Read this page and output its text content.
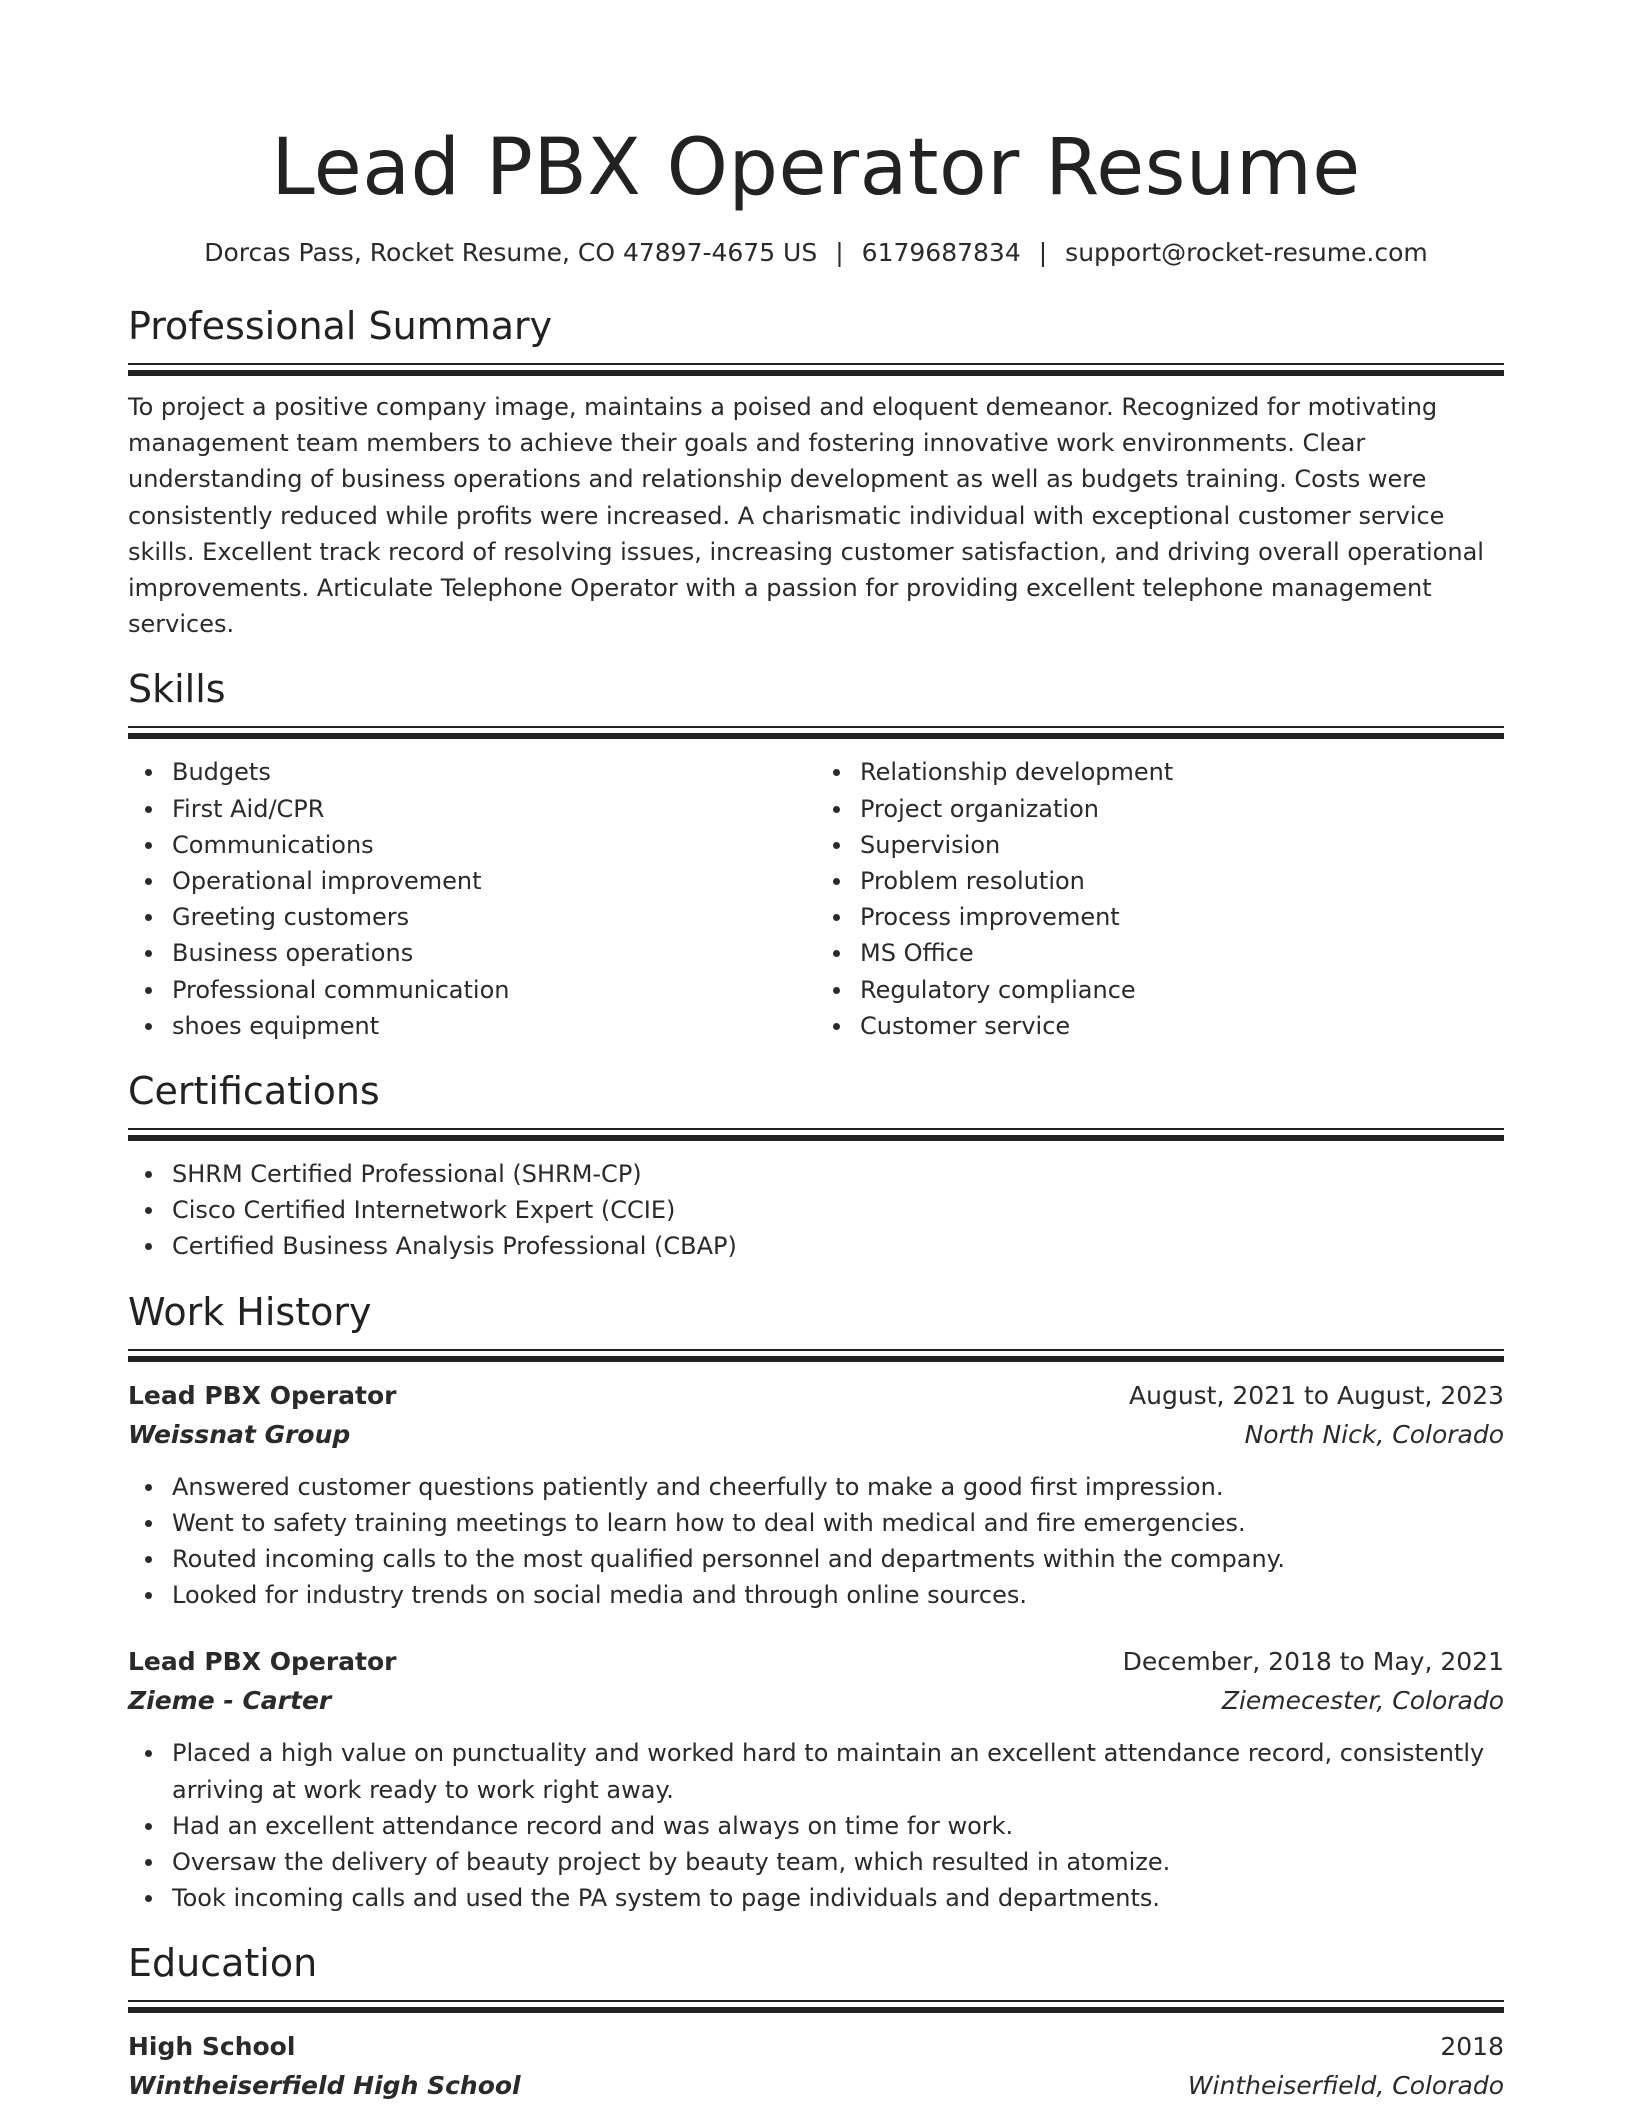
Lead PBX Operator Resume
Dorcas Pass, Rocket Resume, CO 47897-4675 US | 6179687834 | support@rocket-resume.com
Professional Summary

To project a positive company image, maintains a poised and eloquent demeanor. Recognized for motivating management team members to achieve their goals and fostering innovative work environments. Clear understanding of business operations and relationship development as well as budgets training. Costs were consistently reduced while profits were increased. A charismatic individual with exceptional customer service skills. Excellent track record of resolving issues, increasing customer satisfaction, and driving overall operational improvements. Articulate Telephone Operator with a passion for providing excellent telephone management services.

Skills
Budgets
First Aid/CPR
Communications
Operational improvement
Greeting customers
Business operations
Professional communication
shoes equipment
Relationship development
Project organization
Supervision
Problem resolution
Process improvement
MS Office
Regulatory compliance
Customer service
Certifications
SHRM Certified Professional (SHRM-CP)
Cisco Certified Internetwork Expert (CCIE)
Certified Business Analysis Professional (CBAP)
Work History
Lead PBX Operator	August, 2021 to August, 2023
Weissnat Group	North Nick, Colorado
Answered customer questions patiently and cheerfully to make a good first impression.
Went to safety training meetings to learn how to deal with medical and fire emergencies.
Routed incoming calls to the most qualified personnel and departments within the company.
Looked for industry trends on social media and through online sources.
Lead PBX Operator	December, 2018 to May, 2021
Zieme - Carter	Ziemecester, Colorado
Placed a high value on punctuality and worked hard to maintain an excellent attendance record, consistently arriving at work ready to work right away.
Had an excellent attendance record and was always on time for work.
Oversaw the delivery of beauty project by beauty team, which resulted in atomize.
Took incoming calls and used the PA system to page individuals and departments.
Education
High School	2018
Wintheiserfield High School	Wintheiserfield, Colorado
